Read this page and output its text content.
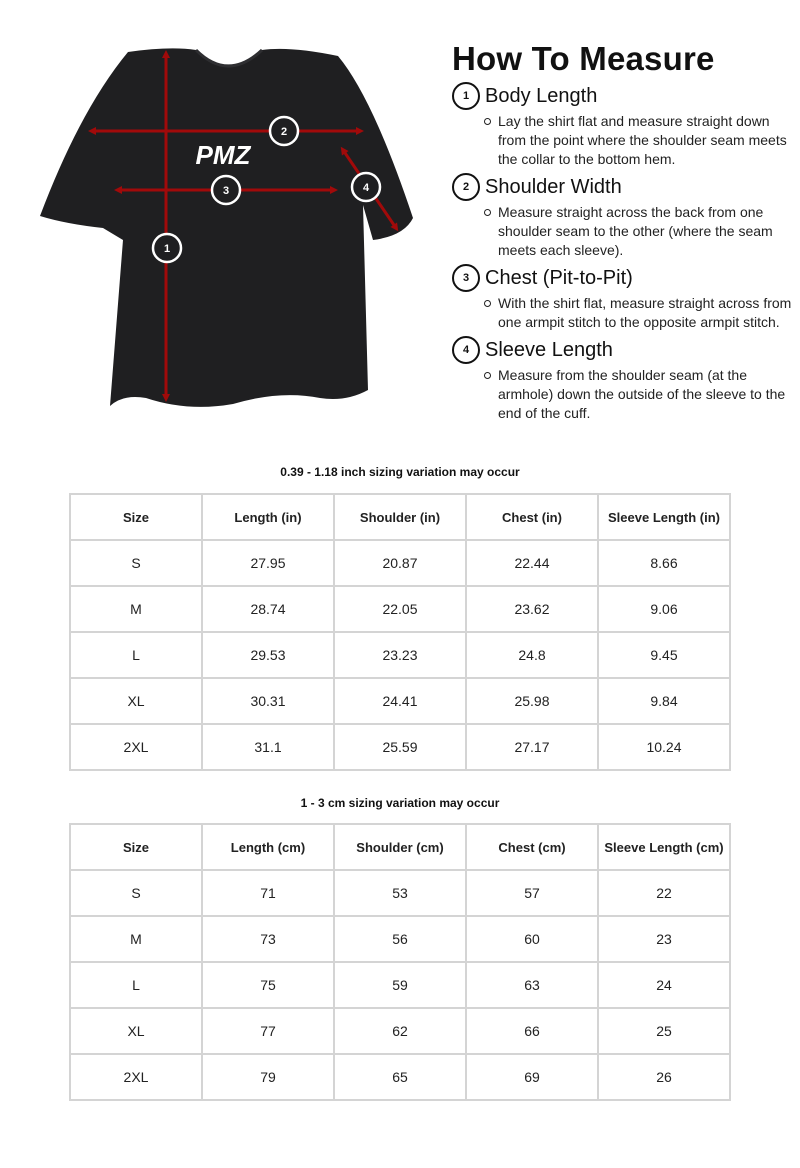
PMZ
1
2
3	4
How To Measure
1 Body Length
Lay the shirt flat and measure straight down from the point where the shoulder seam meets the collar to the bottom hem.
2 Shoulder Width
Measure straight across the back from one shoulder seam to the other (where the seam meets each sleeve).
3 Chest (Pit-to-Pit)
With the shirt flat, measure straight across from one armpit stitch to the opposite armpit stitch.
4 Sleeve Length
Measure from the shoulder seam (at the armhole) down the outside of the sleeve to the end of the cuff.
0.39 - 1.18 inch sizing variation may occur
Size	Length (in)	Shoulder (in)	Chest (in)	Sleeve Length (in)
S	27.95	20.87	22.44	8.66
M	28.74	22.05	23.62	9.06
L	29.53	23.23	24.8	9.45
XL	30.31	24.41	25.98	9.84
2XL	31.1	25.59	27.17	10.24
1 - 3 cm sizing variation may occur
Size	Length (cm)	Shoulder (cm)	Chest (cm)	Sleeve Length (cm)
S	71	53	57	22
M	73	56	60	23
L	75	59	63	24
XL	77	62	66	25
2XL	79	65	69	26
